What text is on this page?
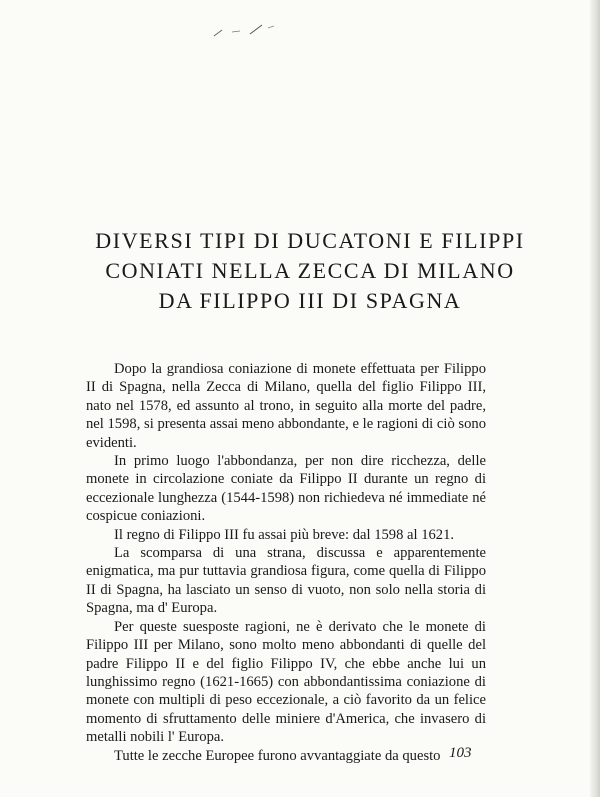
DIVERSI TIPI DI DUCATONI E FILIPPI
CONIATI NELLA ZECCA DI MILANO
DA FILIPPO III DI SPAGNA

Dopo la grandiosa coniazione di monete effettuata per Filippo II di Spagna, nella Zecca di Milano, quella del figlio Filippo III, nato nel 1578, ed assunto al trono, in seguito alla morte del padre, nel 1598, si presenta assai meno abbondante, e le ragioni di ciò sono evidenti.

In primo luogo l'abbondanza, per non dire ricchezza, delle monete in circolazione coniate da Filippo II durante un regno di eccezionale lunghezza (1544-1598) non richiedeva né immediate né cospicue coniazioni.

Il regno di Filippo III fu assai più breve: dal 1598 al 1621.

La scomparsa di una strana, discussa e apparentemente enigmatica, ma pur tuttavia grandiosa figura, come quella di Filippo II di Spagna, ha lasciato un senso di vuoto, non solo nella storia di Spagna, ma d' Europa.

Per queste suesposte ragioni, ne è derivato che le monete di Filippo III per Milano, sono molto meno abbondanti di quelle del padre Filippo II e del figlio Filippo IV, che ebbe anche lui un lunghissimo regno (1621-1665) con abbondantissima coniazione di monete con multipli di peso eccezionale, a ciò favorito da un felice momento di sfruttamento delle miniere d'America, che invasero di metalli nobili l' Europa.

Tutte le zecche Europee furono avvantaggiate da questo 103
